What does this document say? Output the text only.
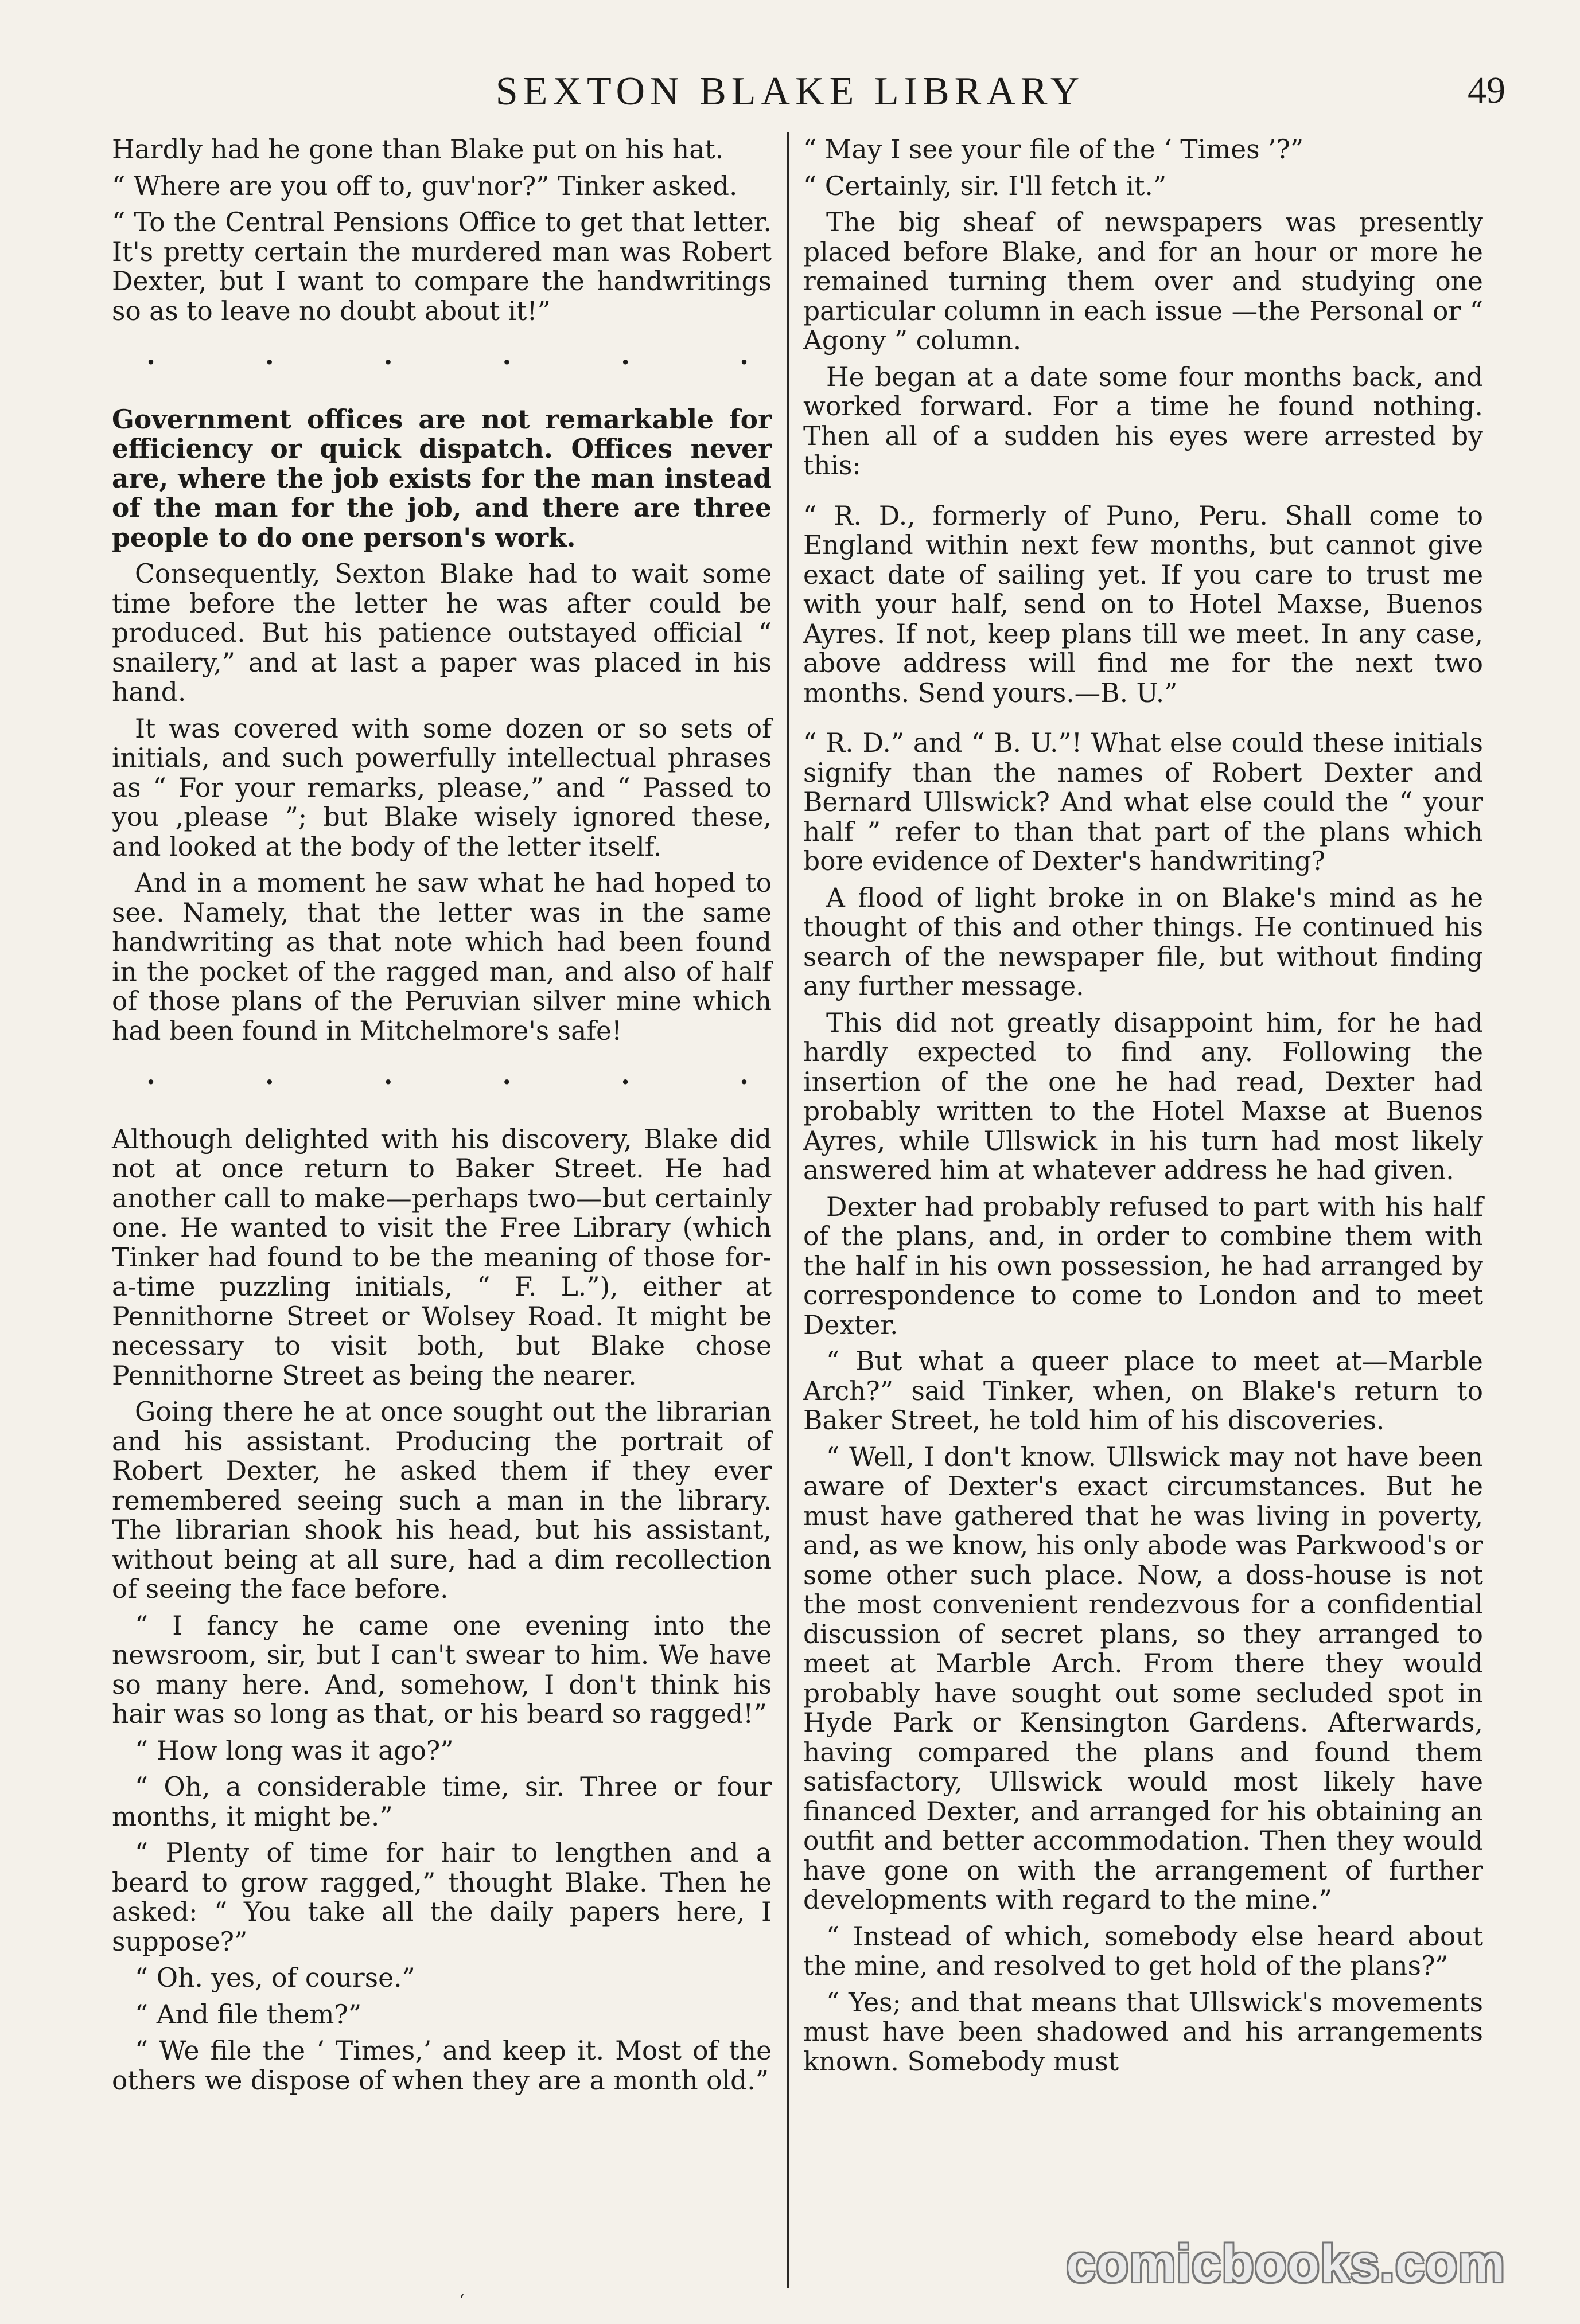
SEXTON BLAKE LIBRARY	49

Hardly had he gone than Blake put on his hat.

“ Where are you off to, guv'nor?” Tinker asked.

“ To the Central Pensions Office to get that letter. It's pretty certain the murdered man was Robert Dexter, but I want to compare the handwritings so as to leave no doubt about it!”

. . . . . .

Government offices are not remarkable for efficiency or quick dispatch. Offices never are, where the job exists for the man instead of the man for the job, and there are three people to do one person's work.

Consequently, Sexton Blake had to wait some time before the letter he was after could be produced. But his patience outstayed official “ snailery,” and at last a paper was placed in his hand.

It was covered with some dozen or so sets of initials, and such powerfully intellectual phrases as “ For your remarks, please,” and “ Passed to you ,please ”; but Blake wisely ignored these, and looked at the body of the letter itself.

And in a moment he saw what he had hoped to see. Namely, that the letter was in the same handwriting as that note which had been found in the pocket of the ragged man, and also of half of those plans of the Peruvian silver mine which had been found in Mitchelmore's safe!

. . . . . .

Although delighted with his discovery, Blake did not at once return to Baker Street. He had another call to make—perhaps two—but certainly one. He wanted to visit the Free Library (which Tinker had found to be the meaning of those for-a-time puzzling initials, “ F. L.”), either at Pennithorne Street or Wolsey Road. It might be necessary to visit both, but Blake chose Pennithorne Street as being the nearer.

Going there he at once sought out the librarian and his assistant. Producing the portrait of Robert Dexter, he asked them if they ever remembered seeing such a man in the library. The librarian shook his head, but his assistant, without being at all sure, had a dim recollection of seeing the face before.

“ I fancy he came one evening into the newsroom, sir, but I can't swear to him. We have so many here. And, somehow, I don't think his hair was so long as that, or his beard so ragged!”

“ How long was it ago?”

“ Oh, a considerable time, sir. Three or four months, it might be.”

“ Plenty of time for hair to lengthen and a beard to grow ragged,” thought Blake. Then he asked: “ You take all the daily papers here, I suppose?”

“ Oh. yes, of course.”

“ And file them?”

“ We file the ‘ Times,’ and keep it. Most of the others we dispose of when they are a month old.”

“ May I see your file of the ‘ Times ’?”

“ Certainly, sir. I'll fetch it.”

The big sheaf of newspapers was presently placed before Blake, and for an hour or more he remained turning them over and studying one particular column in each issue —the Personal or “ Agony ” column.

He began at a date some four months back, and worked forward. For a time he found nothing. Then all of a sudden his eyes were arrested by this:

“ R. D., formerly of Puno, Peru. Shall come to England within next few months, but cannot give exact date of sailing yet. If you care to trust me with your half, send on to Hotel Maxse, Buenos Ayres. If not, keep plans till we meet. In any case, above address will find me for the next two months. Send yours.—B. U.”

“ R. D.” and “ B. U.”! What else could these initials signify than the names of Robert Dexter and Bernard Ullswick? And what else could the “ your half ” refer to than that part of the plans which bore evidence of Dexter's handwriting?

A flood of light broke in on Blake's mind as he thought of this and other things. He continued his search of the newspaper file, but without finding any further message.

This did not greatly disappoint him, for he had hardly expected to find any. Following the insertion of the one he had read, Dexter had probably written to the Hotel Maxse at Buenos Ayres, while Ullswick in his turn had most likely answered him at whatever address he had given.

Dexter had probably refused to part with his half of the plans, and, in order to combine them with the half in his own possession, he had arranged by correspondence to come to London and to meet Dexter.

“ But what a queer place to meet at—Marble Arch?” said Tinker, when, on Blake's return to Baker Street, he told him of his discoveries.

“ Well, I don't know. Ullswick may not have been aware of Dexter's exact circumstances. But he must have gathered that he was living in poverty, and, as we know, his only abode was Parkwood's or some other such place. Now, a doss-house is not the most convenient rendezvous for a confidential discussion of secret plans, so they arranged to meet at Marble Arch. From there they would probably have sought out some secluded spot in Hyde Park or Kensington Gardens. Afterwards, having compared the plans and found them satisfactory, Ullswick would most likely have financed Dexter, and arranged for his obtaining an outfit and better accommodation. Then they would have gone on with the arrangement of further developments with regard to the mine.”

“ Instead of which, somebody else heard about the mine, and resolved to get hold of the plans?”

“ Yes; and that means that Ullswick's movements must have been shadowed and his arrangements known. Somebody must

‘
comicbooks.com
